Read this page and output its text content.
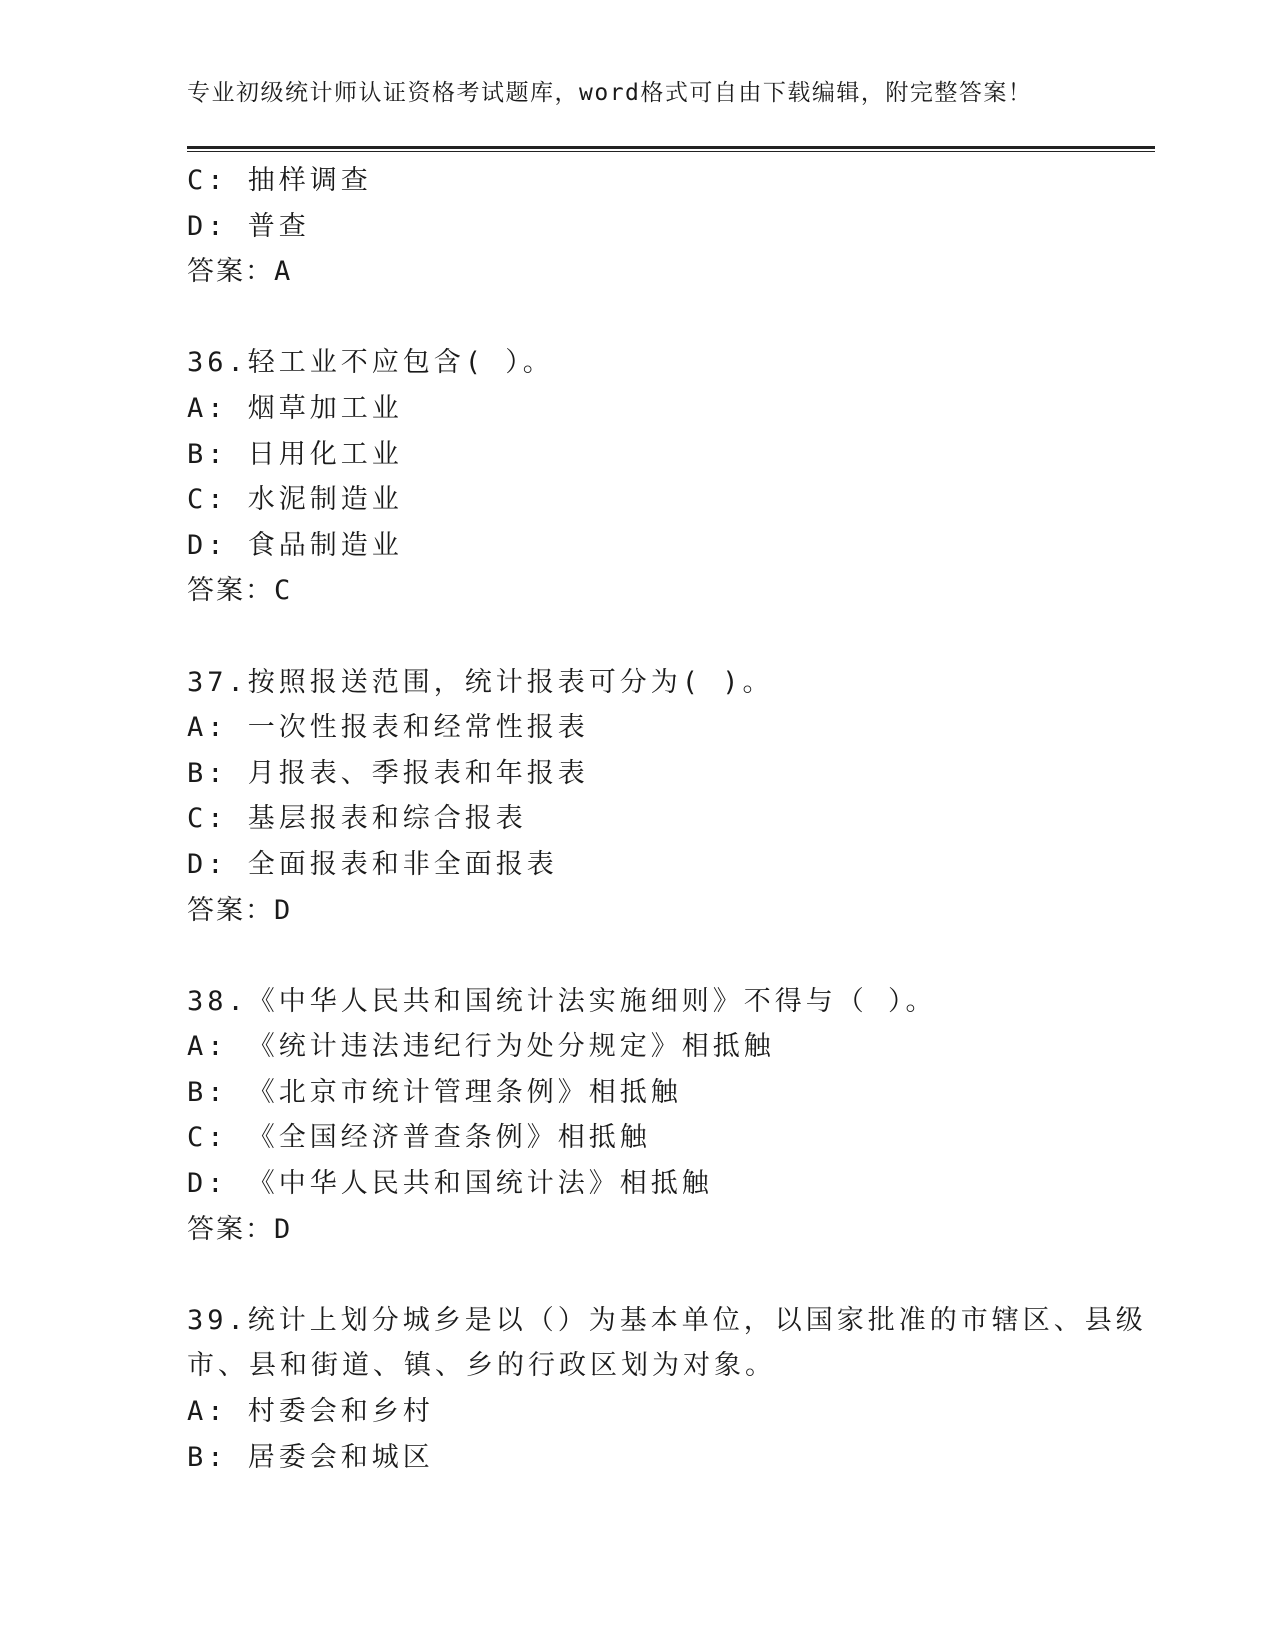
专业初级统计师认证资格考试题库，word格式可自由下载编辑，附完整答案！
C: 抽样调查
D: 普查
答案：A
36.轻工业不应包含( ）。
A: 烟草加工业
B: 日用化工业
C: 水泥制造业
D: 食品制造业
答案：C
37.按照报送范围，统计报表可分为( )。
A: 一次性报表和经常性报表
B: 月报表、季报表和年报表
C: 基层报表和综合报表
D: 全面报表和非全面报表
答案：D
38.《中华人民共和国统计法实施细则》不得与（ ）。
A: 《统计违法违纪行为处分规定》相抵触
B: 《北京市统计管理条例》相抵触
C: 《全国经济普查条例》相抵触
D: 《中华人民共和国统计法》相抵触
答案：D
39.统计上划分城乡是以（）为基本单位，以国家批准的市辖区、县级
市、县和街道、镇、乡的行政区划为对象。
A: 村委会和乡村
B: 居委会和城区
